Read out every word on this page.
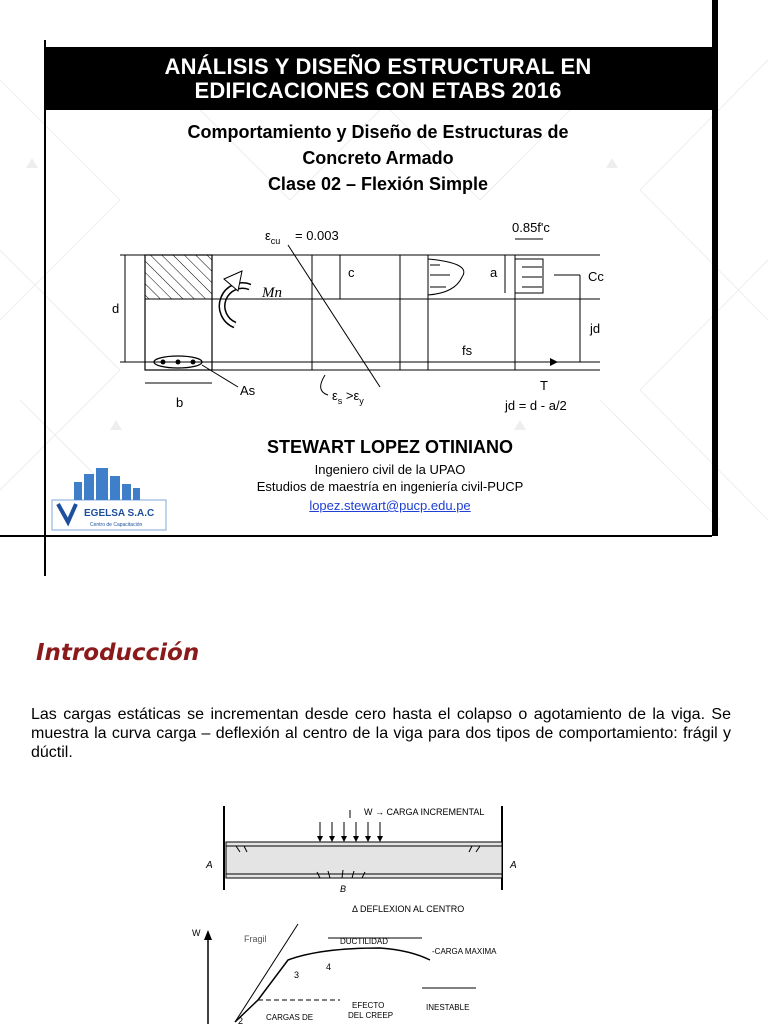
ANÁLISIS Y DISEÑO ESTRUCTURAL EN
EDIFICACIONES CON ETABS 2016
Comportamiento y Diseño de Estructuras de
Concreto Armado
Clase 02 – Flexión Simple
d
b
As
Mn
$\varepsilon_{cu} = 0.003$
c
$\varepsilon_s >\varepsilon_y$
a
0.85f'c
Cc
jd
fs
T
jd = d - a/2
STEWART LOPEZ OTINIANO
Ingeniero civil de la UPAO
Estudios de maestría en ingeniería civil-PUCP
lopez.stewart@pucp.edu.pe
EGELSA S.A.C
Centro de Capacitación
Introducción
Las cargas estáticas se incrementan desde cero hasta el colapso o agotamiento de la viga. Se muestra la curva carga – deflexión al centro de la viga para dos tipos de comportamiento: frágil y dúctil.
A	A
W → CARGA INCREMENTAL
B
Δ DEFLEXION AL CENTRO
W
Fragil	DUCTILIDAD
-CARGA MAXIMA
3
4
2
EFECTO
DEL CREEP
INESTABLE
CARGAS DE
